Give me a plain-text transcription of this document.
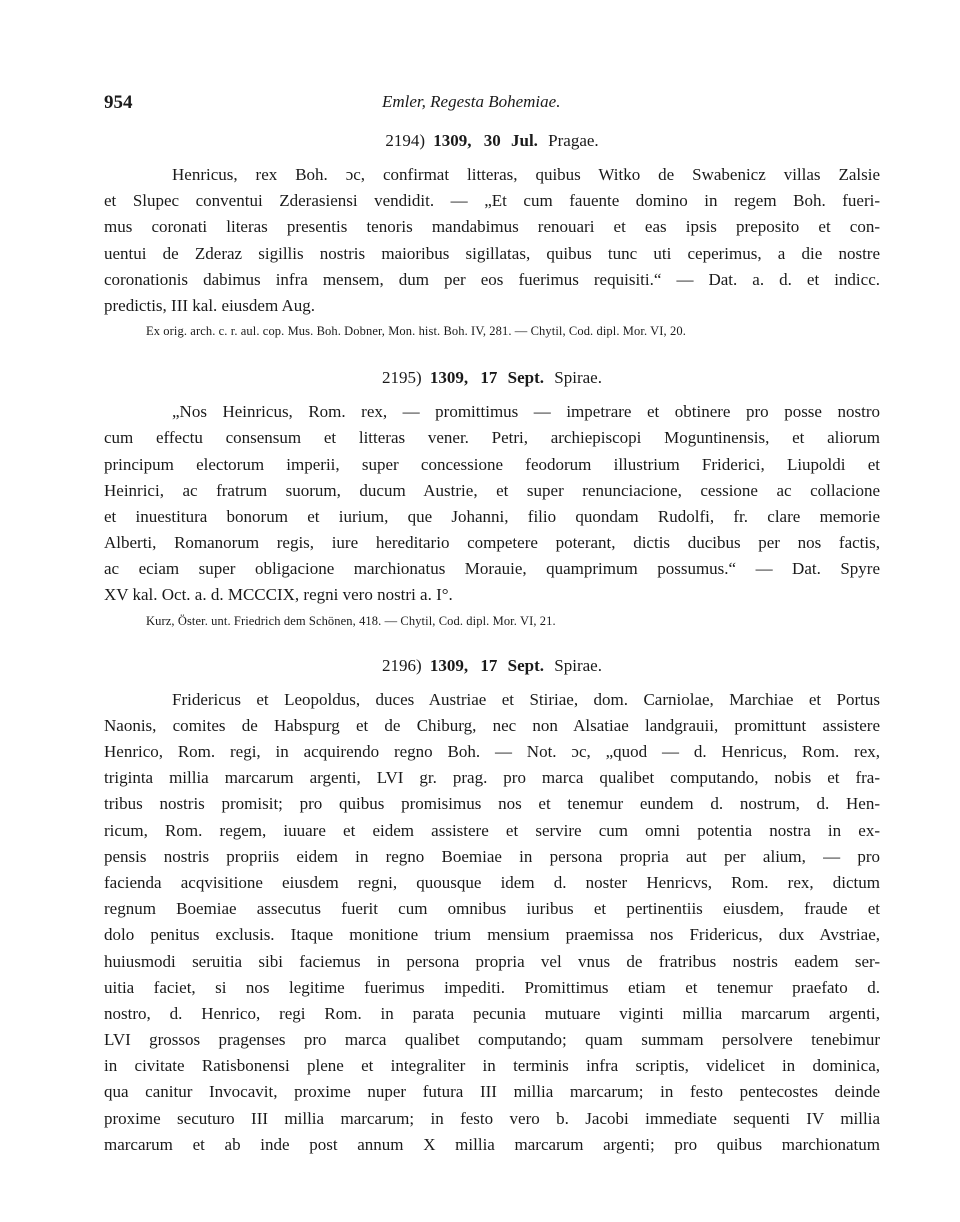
954	Emler, Regesta Bohemiae.
2194) 1309, 30 Jul. Pragae.
Henricus, rex Boh. ɔc, confirmat litteras, quibus Witko de Swabenicz villas Zalsie
et Slupec conventui Zderasiensi vendidit. — „Et cum fauente domino in regem Boh. fueri-
mus coronati literas presentis tenoris mandabimus renouari et eas ipsis preposito et con-
uentui de Zderaz sigillis nostris maioribus sigillatas, quibus tunc uti ceperimus, a die nostre
coronationis dabimus infra mensem, dum per eos fuerimus requisiti.“ — Dat. a. d. et indicc.
predictis, III kal. eiusdem Aug.
Ex orig. arch. c. r. aul. cop. Mus. Boh. Dobner, Mon. hist. Boh. IV, 281. — Chytil, Cod. dipl. Mor. VI, 20.
2195) 1309, 17 Sept. Spirae.
„Nos Heinricus, Rom. rex, — promittimus — impetrare et obtinere pro posse nostro
cum effectu consensum et litteras vener. Petri, archiepiscopi Moguntinensis, et aliorum
principum electorum imperii, super concessione feodorum illustrium Friderici, Liupoldi et
Heinrici, ac fratrum suorum, ducum Austrie, et super renunciacione, cessione ac collacione
et inuestitura bonorum et iurium, que Johanni, filio quondam Rudolfi, fr. clare memorie
Alberti, Romanorum regis, iure hereditario competere poterant, dictis ducibus per nos factis,
ac eciam super obligacione marchionatus Morauie, quamprimum possumus.“ — Dat. Spyre
XV kal. Oct. a. d. MCCCIX, regni vero nostri a. I°.
Kurz, Öster. unt. Friedrich dem Schönen, 418. — Chytil, Cod. dipl. Mor. VI, 21.
2196) 1309, 17 Sept. Spirae.
Fridericus et Leopoldus, duces Austriae et Stiriae, dom. Carniolae, Marchiae et Portus
Naonis, comites de Habspurg et de Chiburg, nec non Alsatiae landgrauii, promittunt assistere
Henrico, Rom. regi, in acquirendo regno Boh. — Not. ɔc, „quod — d. Henricus, Rom. rex,
triginta millia marcarum argenti, LVI gr. prag. pro marca qualibet computando, nobis et fra-
tribus nostris promisit; pro quibus promisimus nos et tenemur eundem d. nostrum, d. Hen-
ricum, Rom. regem, iuuare et eidem assistere et servire cum omni potentia nostra in ex-
pensis nostris propriis eidem in regno Boemiae in persona propria aut per alium, — pro
facienda acqvisitione eiusdem regni, quousque idem d. noster Henricvs, Rom. rex, dictum
regnum Boemiae assecutus fuerit cum omnibus iuribus et pertinentiis eiusdem, fraude et
dolo penitus exclusis. Itaque monitione trium mensium praemissa nos Fridericus, dux Avstriae,
huiusmodi seruitia sibi faciemus in persona propria vel vnus de fratribus nostris eadem ser-
uitia faciet, si nos legitime fuerimus impediti. Promittimus etiam et tenemur praefato d.
nostro, d. Henrico, regi Rom. in parata pecunia mutuare viginti millia marcarum argenti,
LVI grossos pragenses pro marca qualibet computando; quam summam persolvere tenebimur
in civitate Ratisbonensi plene et integraliter in terminis infra scriptis, videlicet in dominica,
qua canitur Invocavit, proxime nuper futura III millia marcarum; in festo pentecostes deinde
proxime secuturo III millia marcarum; in festo vero b. Jacobi immediate sequenti IV millia
marcarum et ab inde post annum X millia marcarum argenti; pro quibus marchionatum
